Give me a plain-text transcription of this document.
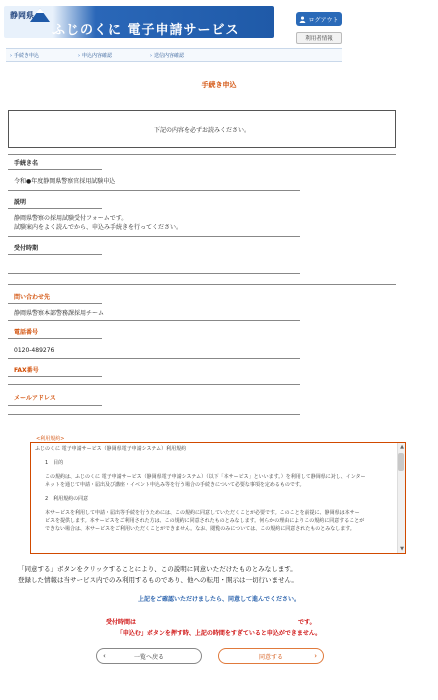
静岡県
ふじのくに 電子申請サービス
ログアウト
利用者情報
› 手続き申込	› 申込内容確認	› 送信内容確認
手続き申込
下記の内容を必ずお読みください。
手続き名
令和●年度静岡県警察官採用試験申込
説明
静岡県警察の採用試験受付フォームです。
試験案内をよく読んでから、申込み手続きを行ってください。
受付時期
問い合わせ先
静岡県警察本部警務課採用チーム
電話番号
0120-489276
FAX番号
メールアドレス
<利用規約>

ふじのくに 電子申請サービス（静岡県電子申請システム）利用規約

1　目的

この規約は、ふじのくに 電子申請サービス（静岡県電子申請システム）（以下「本サービス」といいます。）を利用して静岡県に対し、インター

ネットを通じて申請・届出及び講座・イベント申込み等を行う場合の手続きについて必要な事項を定めるものです。

2　利用規約の同意

本サービスを利用して申請・届出等手続を行うためには、この規約に同意していただくことが必要です。このことを前提に、静岡県は本サー

ビスを提供します。本サービスをご利用された方は、この規約に同意されたものとみなします。何らかの理由によりこの規約に同意することが

できない場合は、本サービスをご利用いただくことができません。なお、閲覧のみについては、この規約に同意されたものとみなします。

▲
▼
「同意する」ボタンをクリックすることにより、この説明に同意いただけたものとみなします。
登録した情報は当サービス内でのみ利用するものであり、他への転用・開示は一切行いません。
上記をご確認いただけましたら、同意して進んでください。
受付時間は	です。
「申込む」ボタンを押す時、上記の時間をすぎていると申込ができません。
‹	一覧へ戻る	同意する	›
